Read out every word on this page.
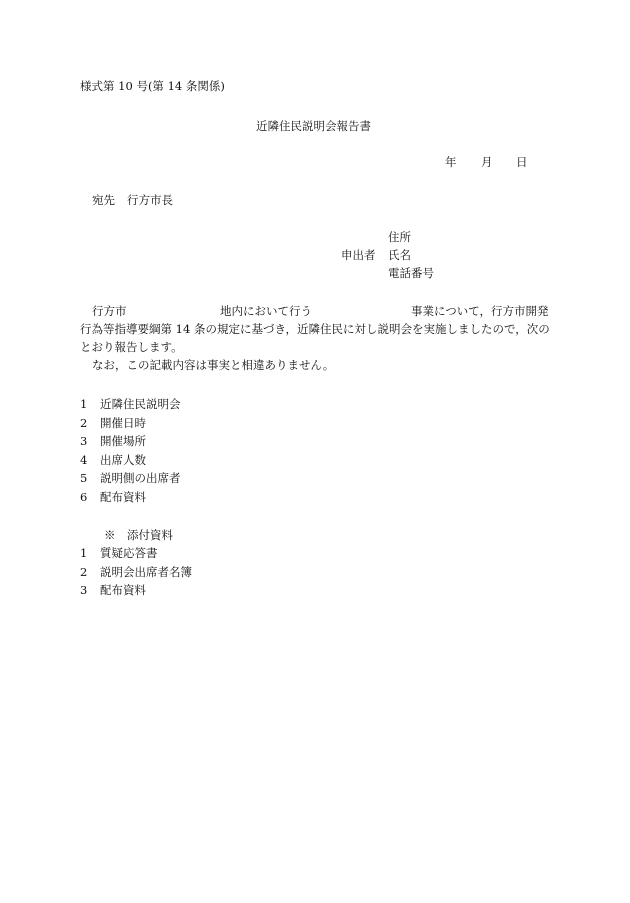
様式第 10 号(第 14 条関係)
近隣住民説明会報告書
年 月 日
宛先 行方市長
住所
申出者 氏名
電話番号
行方市	地内において行う	事業について，行方市開発
行為等指導要綱第 14 条の規定に基づき，近隣住民に対し説明会を実施しましたので，次の
とおり報告します。
なお，この記載内容は事実と相違ありません。
1 近隣住民説明会
2 開催日時
3 開催場所
4 出席人数
5 説明側の出席者
6 配布資料
※　添付資料
1 質疑応答書
2 説明会出席者名簿
3 配布資料
